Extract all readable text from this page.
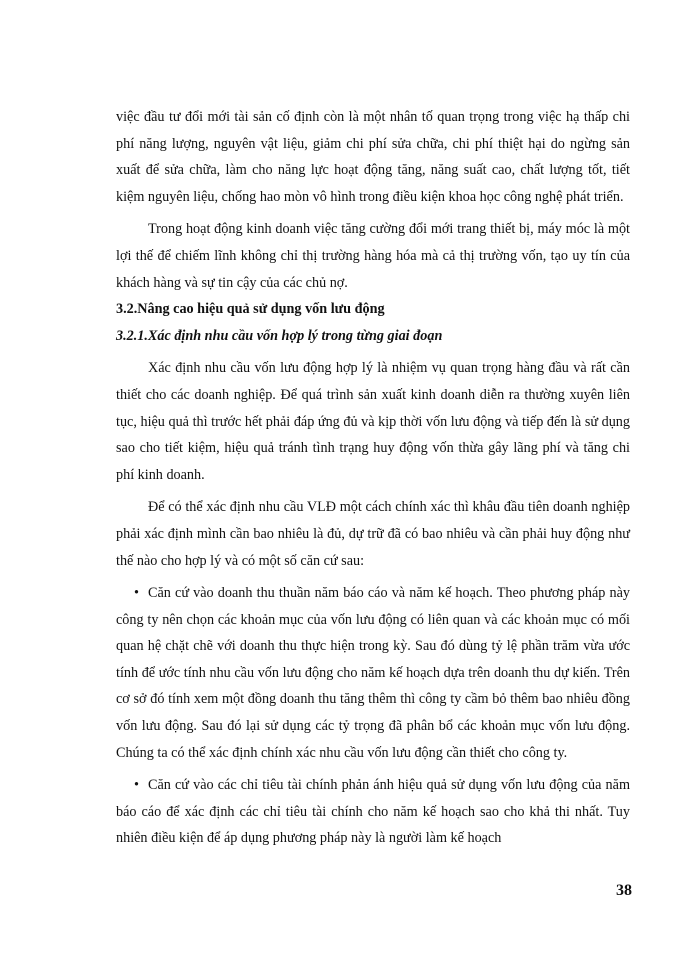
việc đầu tư đổi mới tài sản cố định còn là một nhân tố quan trọng trong việc hạ thấp chi phí năng lượng, nguyên vật liệu, giảm chi phí sửa chữa, chi phí thiệt hại do ngừng sản xuất để sửa chữa, làm cho năng lực hoạt động tăng, năng suất cao, chất lượng tốt, tiết kiệm nguyên liệu, chống hao mòn vô hình trong điều kiện khoa học công nghệ phát triển.

Trong hoạt động kinh doanh việc tăng cường đổi mới trang thiết bị, máy móc là một lợi thế để chiếm lĩnh không chỉ thị trường hàng hóa mà cả thị trường vốn, tạo uy tín của khách hàng và sự tin cậy của các chủ nợ.

3.2.Nâng cao hiệu quả sử dụng vốn lưu động

3.2.1.Xác định nhu cầu vốn hợp lý trong từng giai đoạn

Xác định nhu cầu vốn lưu động hợp lý là nhiệm vụ quan trọng hàng đầu và rất cần thiết cho các doanh nghiệp. Để quá trình sản xuất kinh doanh diễn ra thường xuyên liên tục, hiệu quả thì trước hết phải đáp ứng đủ và kịp thời vốn lưu động và tiếp đến là sử dụng sao cho tiết kiệm, hiệu quả tránh tình trạng huy động vốn thừa gây lãng phí và tăng chi phí kinh doanh.

Để có thể xác định nhu cầu VLĐ một cách chính xác thì khâu đầu tiên doanh nghiệp phải xác định mình cần bao nhiêu là đủ, dự trữ đã có bao nhiêu và cần phải huy động như thế nào cho hợp lý và có một số căn cứ sau:

• Căn cứ vào doanh thu thuần năm báo cáo và năm kế hoạch. Theo phương pháp này công ty nên chọn các khoản mục của vốn lưu động có liên quan và các khoản mục có mối quan hệ chặt chẽ với doanh thu thực hiện trong kỳ. Sau đó dùng tỷ lệ phần trăm vừa ước tính để ước tính nhu cầu vốn lưu động cho năm kế hoạch dựa trên doanh thu dự kiến. Trên cơ sở đó tính xem một đồng doanh thu tăng thêm thì công ty cầm bỏ thêm bao nhiêu đồng vốn lưu động. Sau đó lại sử dụng các tỷ trọng đã phân bổ các khoản mục vốn lưu động. Chúng ta có thể xác định chính xác nhu cầu vốn lưu động cần thiết cho công ty.

• Căn cứ vào các chỉ tiêu tài chính phản ánh hiệu quả sử dụng vốn lưu động của năm báo cáo để xác định các chỉ tiêu tài chính cho năm kế hoạch sao cho khả thi nhất. Tuy nhiên điều kiện để áp dụng phương pháp này là người làm kế hoạch

38
